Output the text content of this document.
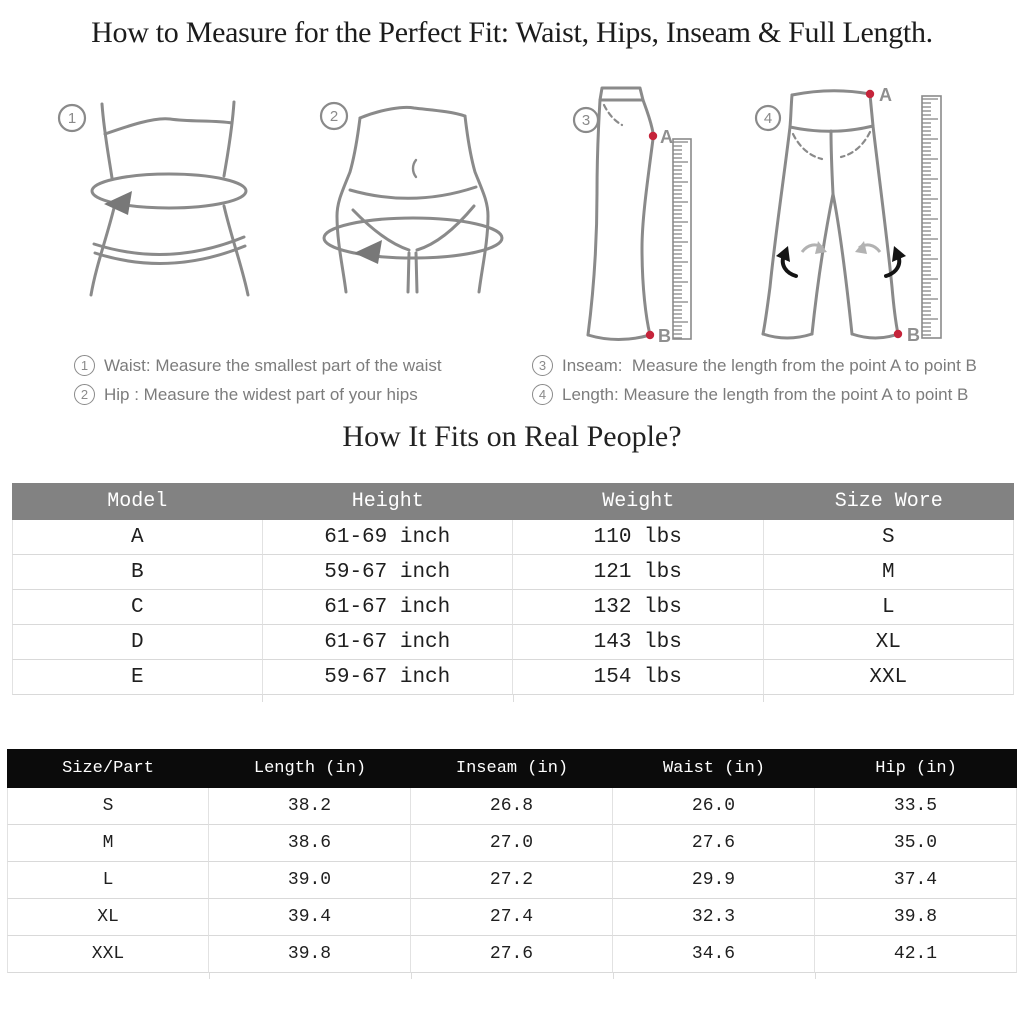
How to Measure for the Perfect Fit: Waist, Hips, Inseam & Full Length.
1	2
A
B
3
A
B
4
1 Waist: Measure the smallest part of the waist
2 Hip : Measure the widest part of your hips
3 Inseam:  Measure the length from the point A to point B
4 Length: Measure the length from the point A to point B
How It Fits on Real People?
Model	Height	Weight	Size Wore
A	61-69 inch	110 lbs	S
B	59-67 inch	121 lbs	M
C	61-67 inch	132 lbs	L
D	61-67 inch	143 lbs	XL
E	59-67 inch	154 lbs	XXL
Size/Part	Length (in)	Inseam (in)	Waist (in)	Hip (in)
S	38.2	26.8	26.0	33.5
M	38.6	27.0	27.6	35.0
L	39.0	27.2	29.9	37.4
XL	39.4	27.4	32.3	39.8
XXL	39.8	27.6	34.6	42.1
